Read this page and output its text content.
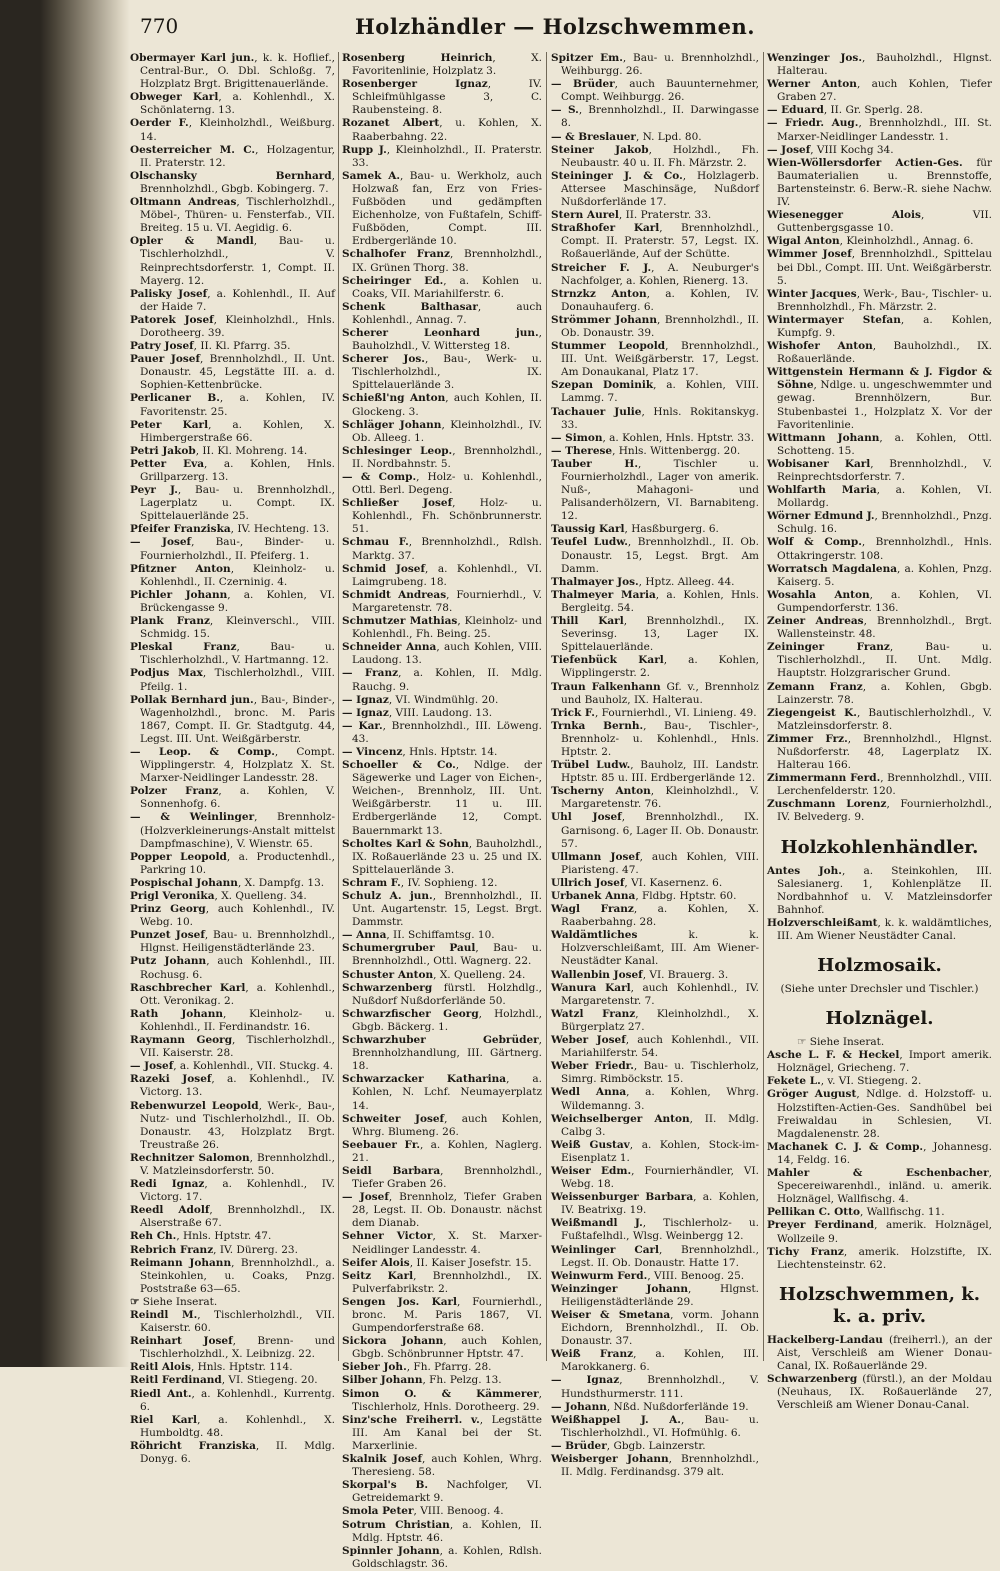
770	Holzhändler — Holzschwemmen.
Obermayer Karl jun., k. k. Hoflief., Central-Bur., O. Dbl. Schloßg. 7, Holzplatz Brgt. Brigittenauerlände.
Obweger Karl, a. Kohlenhdl., X. Schönlaterng. 13.
Oerder F., Kleinholzhdl., Weißburg. 14.
Oesterreicher M. C., Holzagentur, II. Praterstr. 12.
Olschansky Bernhard, Brennholzhdl., Gbgb. Kobingerg. 7.
Oltmann Andreas, Tischlerholzhdl., Möbel-, Thüren- u. Fensterfab., VII. Breiteg. 15 u. VI. Aegidig. 6.
Opler & Mandl, Bau- u. Tischlerholzhdl., V. Reinprechtsdorferstr. 1, Compt. II. Mayerg. 12.
Palisky Josef, a. Kohlenhdl., II. Auf der Haide 7.
Patorek Josef, Kleinholzhdl., Hnls. Dorotheerg. 39.
Patry Josef, II. Kl. Pfarrg. 35.
Pauer Josef, Brennholzhdl., II. Unt. Donaustr. 45, Legstätte III. a. d. Sophien-Kettenbrücke.
Perlicaner B., a. Kohlen, IV. Favoritenstr. 25.
Peter Karl, a. Kohlen, X. Himbergerstraße 66.
Petri Jakob, II. Kl. Mohreng. 14.
Petter Eva, a. Kohlen, Hnls. Grillparzerg. 13.
Peyr J., Bau- u. Brennholzhdl., Lagerplatz u. Compt. IX. Spittelauerlände 25.
Pfeifer Franziska, IV. Hechteng. 13.
— Josef, Bau-, Binder- u. Fournierholzhdl., II. Pfeiferg. 1.
Pfitzner Anton, Kleinholz- u. Kohlenhdl., II. Czerninig. 4.
Pichler Johann, a. Kohlen, VI. Brückengasse 9.
Plank Franz, Kleinverschl., VIII. Schmidg. 15.
Pleskal Franz, Bau- u. Tischlerholzhdl., V. Hartmanng. 12.
Podjus Max, Tischlerholzhdl., VIII. Pfeilg. 1.
Pollak Bernhard jun., Bau-, Binder-, Wagenholzhdl., bronc. M. Paris 1867, Compt. II. Gr. Stadtgutg. 44, Legst. III. Unt. Weißgärberstr.
— Leop. & Comp., Compt. Wipplingerstr. 4, Holzplatz X. St. Marxer-Neidlinger Landesstr. 28.
Polzer Franz, a. Kohlen, V. Sonnenhofg. 6.
— & Weinlinger, Brennholz- (Holzverkleinerungs-Anstalt mittelst Dampfmaschine), V. Wienstr. 65.
Popper Leopold, a. Productenhdl., Parkring 10.
Pospischal Johann, X. Dampfg. 13.
Prigl Veronika, X. Quelleng. 34.
Prinz Georg, auch Kohlenhdl., IV. Webg. 10.
Punzet Josef, Bau- u. Brennholzhdl., Hlgnst. Heiligenstädterlände 23.
Putz Johann, auch Kohlenhdl., III. Rochusg. 6.
Raschbrecher Karl, a. Kohlenhdl., Ott. Veronikag. 2.
Rath Johann, Kleinholz- u. Kohlenhdl., II. Ferdinandstr. 16.
Raymann Georg, Tischlerholzhdl., VII. Kaiserstr. 28.
— Josef, a. Kohlenhdl., VII. Stuckg. 4.
Razeki Josef, a. Kohlenhdl., IV. Victorg. 13.
Rebenwurzel Leopold, Werk-, Bau-, Nutz- und Tischlerholzhdl., II. Ob. Donaustr. 43, Holzplatz Brgt. Treustraße 26.
Rechnitzer Salomon, Brennholzhdl., V. Matzleinsdorferstr. 50.
Redi Ignaz, a. Kohlenhdl., IV. Victorg. 17.
Reedl Adolf, Brennholzhdl., IX. Alserstraße 67.
Reh Ch., Hnls. Hptstr. 47.
Rebrich Franz, IV. Dürerg. 23.
Reimann Johann, Brennholzhdl., a. Steinkohlen, u. Coaks, Pnzg. Poststraße 63—65.
☞ Siehe Inserat.
Reindl M., Tischlerholzhdl., VII. Kaiserstr. 60.
Reinhart Josef, Brenn- und Tischlerholzhdl., X. Leibnizg. 22.
Reitl Alois, Hnls. Hptstr. 114.
Reitl Ferdinand, VI. Stiegeng. 20.
Riedl Ant., a. Kohlenhdl., Kurrentg. 6.
Riel Karl, a. Kohlenhdl., X. Humboldtg. 48.
Röhricht Franziska, II. Mdlg. Donyg. 6.
Rosenberg Heinrich, X. Favoritenlinie, Holzplatz 3.
Rosenberger Ignaz, IV. Schleifmühlgasse 3, C. Raubensteing. 8.
Rozanet Albert, u. Kohlen, X. Raaberbahng. 22.
Rupp J., Kleinholzhdl., II. Praterstr. 33.
Samek A., Bau- u. Werkholz, auch Holzwaß fan, Erz von Fries-Fußböden und gedämpften Eichenholze, von Fußtafeln, Schiff-Fußböden, Compt. III. Erdbergerlände 10.
Schalhofer Franz, Brennholzhdl., IX. Grünen Thorg. 38.
Scheiringer Ed., a. Kohlen u. Coaks, VII. Mariahilferstr. 6.
Schenk Balthasar, auch Kohlenhdl., Annag. 7.
Scherer Leonhard jun., Bauholzhdl., V. Wittersteg 18.
Scherer Jos., Bau-, Werk- u. Tischlerholzhdl., IX. Spittelauerlände 3.
Schießl'ng Anton, auch Kohlen, II. Glockeng. 3.
Schläger Johann, Kleinholzhdl., IV. Ob. Alleeg. 1.
Schlesinger Leop., Brennholzhdl., II. Nordbahnstr. 5.
— & Comp., Holz- u. Kohlenhdl., Ottl. Berl. Degeng.
Schließer Josef, Holz- u. Kohlenhdl., Fh. Schönbrunnerstr. 51.
Schmau F., Brennholzhdl., Rdlsh. Marktg. 37.
Schmid Josef, a. Kohlenhdl., VI. Laimgrubeng. 18.
Schmidt Andreas, Fournierhdl., V. Margaretenstr. 78.
Schmutzer Mathias, Kleinholz- und Kohlenhdl., Fh. Being. 25.
Schneider Anna, auch Kohlen, VIII. Laudong. 13.
— Franz, a. Kohlen, II. Mdlg. Rauchg. 9.
— Ignaz, VI. Windmühlg. 20.
— Ignaz, VIII. Laudong. 13.
— Kar., Brennholzhdl., III. Löweng. 43.
— Vincenz, Hnls. Hptstr. 14.
Schoeller & Co., Ndlge. der Sägewerke und Lager von Eichen-, Weichen-, Brennholz, III. Unt. Weißgärberstr. 11 u. III. Erdbergerlände 12, Compt. Bauernmarkt 13.
Scholtes Karl & Sohn, Bauholzhdl., IX. Roßauerlände 23 u. 25 und IX. Spittelauerlände 3.
Schram F., IV. Sophieng. 12.
Schulz A. jun., Brennholzhdl., II. Unt. Augartenstr. 15, Legst. Brgt. Dammstr.
— Anna, II. Schiffamtsg. 10.
Schumergruber Paul, Bau- u. Brennholzhdl., Ottl. Wagnerg. 22.
Schuster Anton, X. Quelleng. 24.
Schwarzenberg fürstl. Holzhdlg., Nußdorf Nußdorferlände 50.
Schwarzfischer Georg, Holzhdl., Gbgb. Bäckerg. 1.
Schwarzhuber Gebrüder, Brennholzhandlung, III. Gärtnerg. 18.
Schwarzacker Katharina, a. Kohlen, N. Lchf. Neumayerplatz 14.
Schweiter Josef, auch Kohlen, Whrg. Blumeng. 26.
Seebauer Fr., a. Kohlen, Naglerg. 21.
Seidl Barbara, Brennholzhdl., Tiefer Graben 26.
— Josef, Brennholz, Tiefer Graben 28, Legst. II. Ob. Donaustr. nächst dem Dianab.
Sehner Victor, X. St. Marxer-Neidlinger Landesstr. 4.
Seifer Alois, II. Kaiser Josefstr. 15.
Seitz Karl, Brennholzhdl., IX. Pulverfabrikstr. 2.
Sengen Jos. Karl, Fournierhdl., bronc. M. Paris 1867, VI. Gumpendorferstraße 68.
Sickora Johann, auch Kohlen, Gbgb. Schönbrunner Hptstr. 47.
Sieber Joh., Fh. Pfarrg. 28.
Silber Johann, Fh. Pelzg. 13.
Simon O. & Kämmerer, Tischlerholz, Hnls. Dorotheerg. 29.
Sinz'sche Freiherrl. v., Legstätte III. Am Kanal bei der St. Marxerlinie.
Skalnik Josef, auch Kohlen, Whrg. Theresieng. 58.
Skorpal's B. Nachfolger, VI. Getreidemarkt 9.
Smola Peter, VIII. Benoog. 4.
Sotrum Christian, a. Kohlen, II. Mdlg. Hptstr. 46.
Spinnler Johann, a. Kohlen, Rdlsh. Goldschlagstr. 36.
Spitzer Em., Bau- u. Brennholzhdl., Weihburgg. 26.
— Brüder, auch Bauunternehmer, Compt. Weihburgg. 26.
— S., Brennholzhdl., II. Darwingasse 8.
— & Breslauer, N. Lpd. 80.
Steiner Jakob, Holzhdl., Fh. Neubaustr. 40 u. II. Fh. Märzstr. 2.
Steininger J. & Co., Holzlagerb. Attersee Maschinsäge, Nußdorf Nußdorferlände 17.
Stern Aurel, II. Praterstr. 33.
Straßhofer Karl, Brennholzhdl., Compt. II. Praterstr. 57, Legst. IX. Roßauerlände, Auf der Schütte.
Streicher F. J., A. Neuburger's Nachfolger, a. Kohlen, Rienerg. 13.
Strnzkz Anton, a. Kohlen, IV. Donauhauferg. 6.
Strömmer Johann, Brennholzhdl., II. Ob. Donaustr. 39.
Stummer Leopold, Brennholzhdl., III. Unt. Weißgärberstr. 17, Legst. Am Donaukanal, Platz 17.
Szepan Dominik, a. Kohlen, VIII. Lammg. 7.
Tachauer Julie, Hnls. Rokitanskyg. 33.
— Simon, a. Kohlen, Hnls. Hptstr. 33.
— Therese, Hnls. Wittenbergg. 20.
Tauber H., Tischler u. Fournierholzhdl., Lager von amerik. Nuß-, Mahagoni- und Palisanderhölzern, VI. Barnabiteng. 12.
Taussig Karl, Hasßburgerg. 6.
Teufel Ludw., Brennholzhdl., II. Ob. Donaustr. 15, Legst. Brgt. Am Damm.
Thalmayer Jos., Hptz. Alleeg. 44.
Thalmeyer Maria, a. Kohlen, Hnls. Bergleitg. 54.
Thill Karl, Brennholzhdl., IX. Severinsg. 13, Lager IX. Spittelauerlände.
Tiefenbück Karl, a. Kohlen, Wipplingerstr. 2.
Traun Falkenhann Gf. v., Brennholz und Bauholz, IX. Halterau.
Trick F., Fournierhdl., VI. Linieng. 49.
Trnka Bernh., Bau-, Tischler-, Brennholz- u. Kohlenhdl., Hnls. Hptstr. 2.
Trübel Ludw., Bauholz, III. Landstr. Hptstr. 85 u. III. Erdbergerlände 12.
Tscherny Anton, Kleinholzhdl., V. Margaretenstr. 76.
Uhl Josef, Brennholzhdl., IX. Garnisong. 6, Lager II. Ob. Donaustr. 57.
Ullmann Josef, auch Kohlen, VIII. Piaristeng. 47.
Ullrich Josef, VI. Kasernenz. 6.
Urbanek Anna, Fldbg. Hptstr. 60.
Wagl Franz, a. Kohlen, X. Raaberbahng. 28.
Waldämtliches k. k. Holzverschleißamt, III. Am Wiener-Neustädter Kanal.
Wallenbin Josef, VI. Brauerg. 3.
Wanura Karl, auch Kohlenhdl., IV. Margaretenstr. 7.
Watzl Franz, Kleinholzhdl., X. Bürgerplatz 27.
Weber Josef, auch Kohlenhdl., VII. Mariahilferstr. 54.
Weber Friedr., Bau- u. Tischlerholz, Simrg. Rimböckstr. 15.
Wedl Anna, a. Kohlen, Whrg. Wildemanng. 3.
Weichselberger Anton, II. Mdlg. Calbg 3.
Weiß Gustav, a. Kohlen, Stock-im-Eisenplatz 1.
Weiser Edm., Fournierhändler, VI. Webg. 18.
Weissenburger Barbara, a. Kohlen, IV. Beatrixg. 19.
Weißmandl J., Tischlerholz- u. Fußtafelhdl., Wlsg. Weinbergg 12.
Weinlinger Carl, Brennholzhdl., Legst. II. Ob. Donaustr. Hatte 17.
Weinwurm Ferd., VIII. Benoog. 25.
Weinzinger Johann, Hlgnst. Heiligenstädterlände 29.
Weiser & Smetana, vorm. Johann Eichdorn, Brennholzhdl., II. Ob. Donaustr. 37.
Weiß Franz, a. Kohlen, III. Marokkanerg. 6.
— Ignaz, Brennholzhdl., V. Hundsthurmerstr. 111.
— Johann, Nßd. Nußdorferlände 19.
Weißhappel J. A., Bau- u. Tischlerholzhdl., VI. Hofmühlg. 6.
— Brüder, Gbgb. Lainzerstr.
Weisberger Johann, Brennholzhdl., II. Mdlg. Ferdinandsg. 379 alt.
Wenzinger Jos., Bauholzhdl., Hlgnst. Halterau.
Werner Anton, auch Kohlen, Tiefer Graben 27.
— Eduard, II. Gr. Sperlg. 28.
— Friedr. Aug., Brennholzhdl., III. St. Marxer-Neidlinger Landesstr. 1.
— Josef, VIII Kochg 34.
Wien-Wöllersdorfer Actien-Ges. für Baumaterialien u. Brennstoffe, Bartensteinstr. 6. Berw.-R. siehe Nachw. IV.
Wiesenegger Alois, VII. Guttenbergsgasse 10.
Wigal Anton, Kleinholzhdl., Annag. 6.
Wimmer Josef, Brennholzhdl., Spittelau bei Dbl., Compt. III. Unt. Weißgärberstr. 5.
Winter Jacques, Werk-, Bau-, Tischler- u. Brennholzhdl., Fh. Märzstr. 2.
Wintermayer Stefan, a. Kohlen, Kumpfg. 9.
Wishofer Anton, Bauholzhdl., IX. Roßauerlände.
Wittgenstein Hermann & J. Figdor & Söhne, Ndlge. u. ungeschwemmter und gewag. Brennhölzern, Bur. Stubenbastei 1., Holzplatz X. Vor der Favoritenlinie.
Wittmann Johann, a. Kohlen, Ottl. Schotteng. 15.
Wobisaner Karl, Brennholzhdl., V. Reinprechtsdorferstr. 7.
Wohlfarth Maria, a. Kohlen, VI. Mollardg.
Wörner Edmund J., Brennholzhdl., Pnzg. Schulg. 16.
Wolf & Comp., Brennholzhdl., Hnls. Ottakringerstr. 108.
Worratsch Magdalena, a. Kohlen, Pnzg. Kaiserg. 5.
Wosahla Anton, a. Kohlen, VI. Gumpendorferstr. 136.
Zeiner Andreas, Brennholzhdl., Brgt. Wallensteinstr. 48.
Zeininger Franz, Bau- u. Tischlerholzhdl., II. Unt. Mdlg. Hauptstr. Holzgrarischer Grund.
Zemann Franz, a. Kohlen, Gbgb. Lainzerstr. 78.
Ziegengeist K., Bautischlerholzhdl., V. Matzleinsdorferstr. 8.
Zimmer Frz., Brennholzhdl., Hlgnst. Nußdorferstr. 48, Lagerplatz IX. Halterau 166.
Zimmermann Ferd., Brennholzhdl., VIII. Lerchenfelderstr. 120.
Zuschmann Lorenz, Fournierholzhdl., IV. Belvederg. 9.
Holzkohlenhändler.
Antes Joh., a. Steinkohlen, III. Salesianerg. 1, Kohlenplätze II. Nordbahnhof u. V. Matzleinsdorfer Bahnhof.
Holzverschleißamt, k. k. waldämtliches, III. Am Wiener Neustädter Canal.
Holzmosaik.
(Siehe unter Drechsler und Tischler.)
Holznägel.
☞ Siehe Inserat.
Asche L. F. & Heckel, Import amerik. Holznägel, Griecheng. 7.
Fekete L., v. VI. Stiegeng. 2.
Gröger August, Ndlge. d. Holzstoff- u. Holzstiften-Actien-Ges. Sandhübel bei Freiwaldau in Schlesien, VI. Magdalenenstr. 28.
Machanek C. J. & Comp., Johannesg. 14, Feldg. 16.
Mahler & Eschenbacher, Specereiwarenhdl., inländ. u. amerik. Holznägel, Wallfischg. 4.
Pellikan C. Otto, Wallfischg. 11.
Preyer Ferdinand, amerik. Holznägel, Wollzeile 9.
Tichy Franz, amerik. Holzstifte, IX. Liechtensteinstr. 62.
Holzschwemmen, k. k. a. priv.
Hackelberg-Landau (freiherrl.), an der Aist, Verschleiß am Wiener Donau-Canal, IX. Roßauerlände 29.
Schwarzenberg (fürstl.), an der Moldau (Neuhaus, IX. Roßauerlände 27, Verschleiß am Wiener Donau-Canal.
